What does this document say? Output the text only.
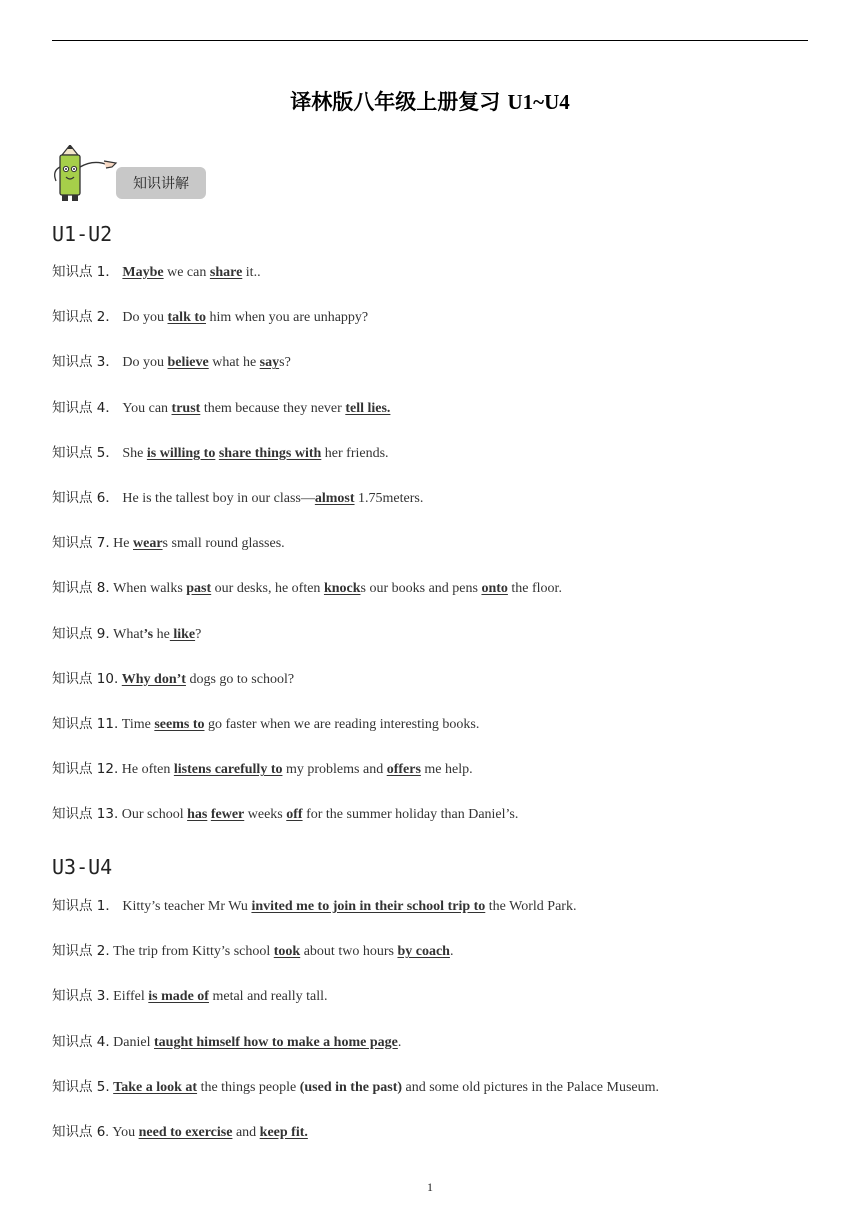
译林版八年级上册复习 U1~U4
知识讲解
U1-U2
知识点 1． Maybe we can share it..
知识点 2． Do you talk to him when you are unhappy?
知识点 3． Do you believe what he says?
知识点 4． You can trust them because they never tell lies.
知识点 5． She is willing to share things with her friends.
知识点 6． He is the tallest boy in our class—almost 1.75meters.
知识点 7. He wears small round glasses.
知识点 8. When walks past our desks, he often knocks our books and pens onto the floor.
知识点 9. What’s he like?
知识点 10. Why don’t dogs go to school?
知识点 11. Time seems to go faster when we are reading interesting books.
知识点 12. He often listens carefully to my problems and offers me help.
知识点 13. Our school has fewer weeks off for the summer holiday than Daniel’s.
U3-U4
知识点 1． Kitty’s teacher Mr Wu invited me to join in their school trip to the World Park.
知识点 2. The trip from Kitty’s school took about two hours by coach.
知识点 3. Eiffel is made of metal and really tall.
知识点 4. Daniel taught himself how to make a home page.
知识点 5. Take a look at the things people (used in the past) and some old pictures in the Palace Museum.
知识点 6. You need to exercise and keep fit.
1
